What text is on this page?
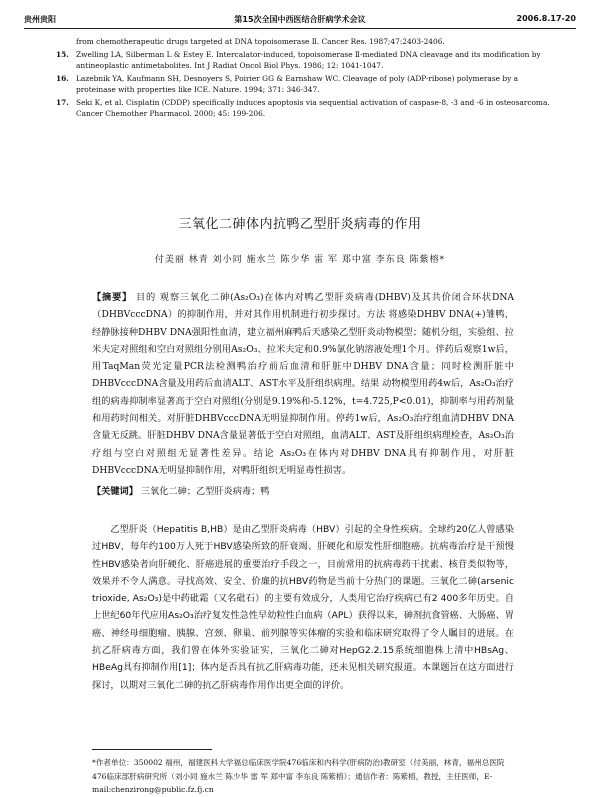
贵州贵阳	第15次全国中西医结合肝病学术会议	2006.8.17-20
from chemotherapeutic drugs targeted at DNA topoisomerase Ⅱ. Cancer Res. 1987;47:2403-2406.
15. Zwelling LA, Silberman L & Estey E. Intercalator-induced, topoisomerase Ⅱ-mediated DNA cleavage and its modification by antineoplastic antimetabolites. Int J Radiat Oncol Biol Phys. 1986; 12: 1041-1047.
16. Lazebnik YA, Kaufmann SH, Desnoyers S, Poirier GG & Earnshaw WC. Cleavage of poly (ADP-ribose) polymerase by a proteinase with properties like ICE. Nature. 1994; 371: 346-347.
17. Seki K, et al. Cisplatin (CDDP) specifically induces apoptosis via sequential activation of caspase-8, -3 and -6 in osteosarcoma. Cancer Chemother Pharmacol. 2000; 45: 199-206.
三氧化二砷体内抗鸭乙型肝炎病毒的作用
付美丽 林青 刘小同 施水兰 陈少华 雷 军 郑中富 李东良 陈紫榕*
【摘要】 目的 观察三氧化二砷(As₂O₃)在体内对鸭乙型肝炎病毒(DHBV)及其共价闭合环状DNA（DHBVcccDNA）的抑制作用，并对其作用机制进行初步探讨。方法 将感染DHBV DNA(+)雏鸭，经静脉接种DHBV DNA强阳性血清，建立福州麻鸭后天感染乙型肝炎动物模型；随机分组，实验组、拉米夫定对照组和空白对照组分别用As₂O₃、拉米夫定和0.9%氯化钠溶液处理1个月。伴药后观察1w后，用TaqMan荧光定量PCR法检测鸭治疗前后血清和肝脏中DHBV DNA含量；同时检测肝脏中DHBVcccDNA含量及用药后血清ALT、AST水平及肝组织病理。结果 动物模型用药4w后，As₂O₃治疗组的病毒抑制率显著高于空白对照组(分别是9.19%和-5.12%，t=4.725,P<0.01)，抑制率与用药剂量和用药时间相关。对肝脏DHBVcccDNA无明显抑制作用。停药1w后，As₂O₃治疗组血清DHBV DNA含量无反跳。肝脏DHBV DNA含量显著低于空白对照组，血清ALT、AST及肝组织病理检查，As₂O₃治疗组与空白对照组无显著性差异。结论 As₂O₃在体内对DHBV DNA具有抑制作用，对肝脏DHBVcccDNA无明显抑制作用，对鸭肝组织无明显毒性损害。
【关键词】 三氧化二砷；乙型肝炎病毒；鸭
乙型肝炎（Hepatitis B,HB）是由乙型肝炎病毒（HBV）引起的全身性疾病。全球约20亿人曾感染过HBV，每年约100万人死于HBV感染所致的肝衰竭、肝硬化和原发性肝细胞癌。抗病毒治疗是干预慢性HBV感染者向肝硬化、肝癌进展的重要治疗手段之一，目前常用的抗病毒药干扰素、核苷类似物等，效果并不令人满意。寻找高效、安全、价廉的抗HBV药物是当前十分热门的课题。三氧化二砷(arsenic trioxide, As₂O₃)是中药砒霜（又名砒石）的主要有效成分，人类用它治疗疾病已有2 400多年历史。自上世纪60年代应用As₂O₃治疗复发性急性早幼粒性白血病（APL）获得以来，砷剂抗食管癌、大肠癌、胃癌、神经母细胞瘤、胰腺、宫颈、卵巢、前列腺等实体瘤的实验和临床研究取得了令人瞩目的进展。在抗乙肝病毒方面，我们曾在体外实验证实，三氧化二砷对HepG2.2.15系统细胞株上清中HBsAg、HBeAg具有抑制作用[1]；体内是否具有抗乙肝病毒功能，还未见相关研究报道。本课题旨在这方面进行探讨，以期对三氧化二砷的抗乙肝病毒作用作出更全面的评价。
*作者单位：350002 福州，福建医科大学福总临床医学院476临床和内科学(肝病防治)教研室（付美丽，林青，福州总医院476临床部肝病研究所（刘小同 施水兰 陈少华 雷 军 郑中富 李东良 陈紫榕）；通信作者：陈紫榕，教授，主任医师，E-mail:chenzirong@public.fz.fj.cn
